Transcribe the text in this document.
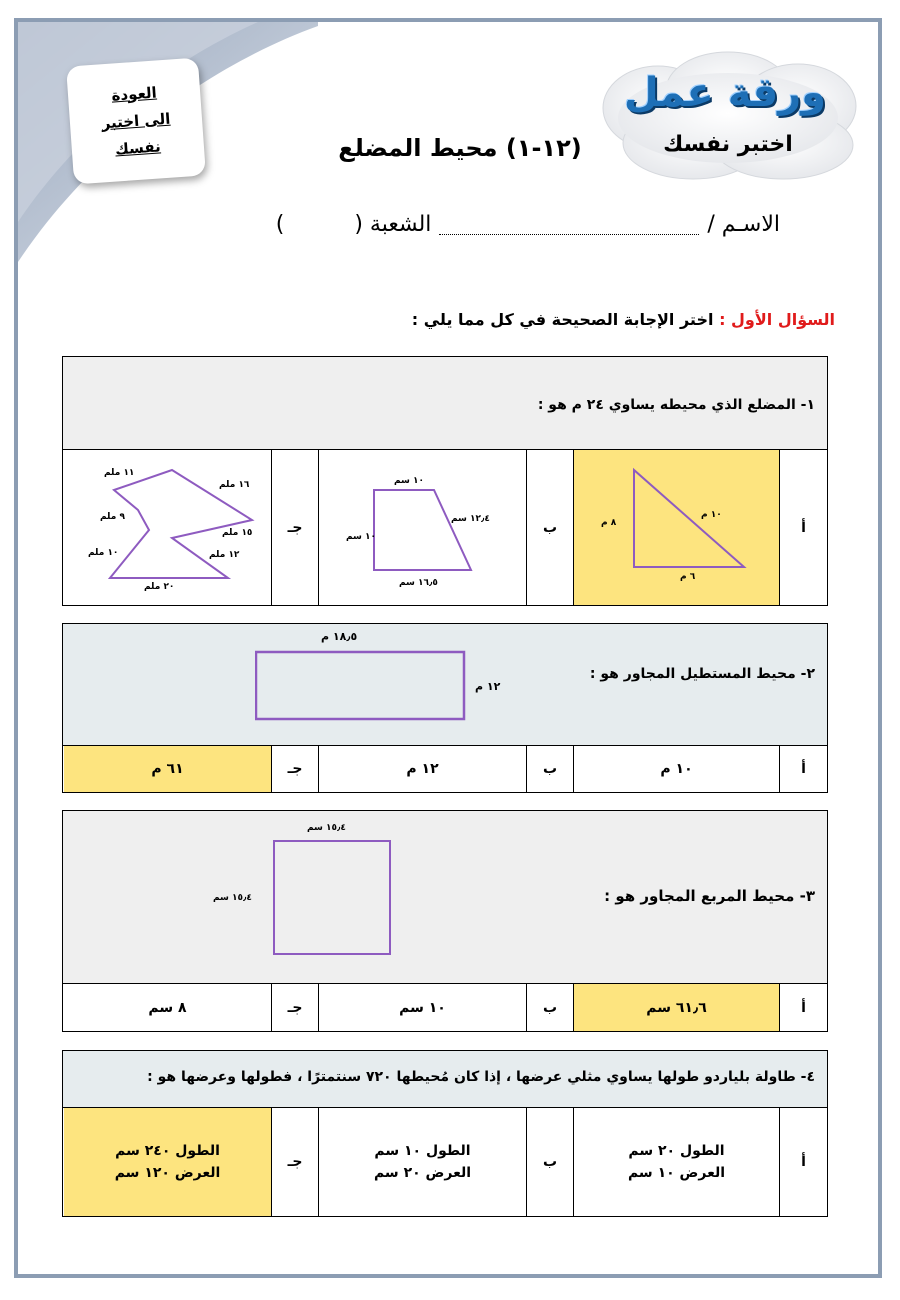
العودة
الى اختبر
نفسك
ورقة عمل
اختبر نفسك
(١٢-١) محيط المضلع
الاسـم /الشعبة ()
السؤال الأول : اختر الإجابة الصحيحة في كل مما يلي :
١- المضلع الذي محيطه يساوي ٢٤ م هو :
أ
٨ م
١٠ م
٦ م
ب
١٠ سم
١٢٫٤ سم
١٠ سم
١٦٫٥ سم
جـ
١١ ملم
١٦ ملم
٩ ملم
١٥ ملم
١٠ ملم	١٢ ملم
٢٠ ملم
٢- محيط المستطيل المجاور هو :
١٨٫٥ م
١٢ م
أ
١٠ م
ب
١٢ م
جـ
٦١ م
٣- محيط المربع المجاور هو :
١٥٫٤ سم
١٥٫٤ سم
أ
٦١٫٦ سم
ب
١٠ سم
جـ
٨ سم
٤- طاولة بلياردو طولها يساوي مثلي عرضها ، إذا كان مُحيطها ٧٢٠ سنتمترًا ، فطولها وعرضها هو :
أ
الطول ٢٠ سم
العرض ١٠ سم
ب
الطول ١٠ سم
العرض ٢٠ سم
جـ
الطول ٢٤٠ سم
العرض ١٢٠ سم
